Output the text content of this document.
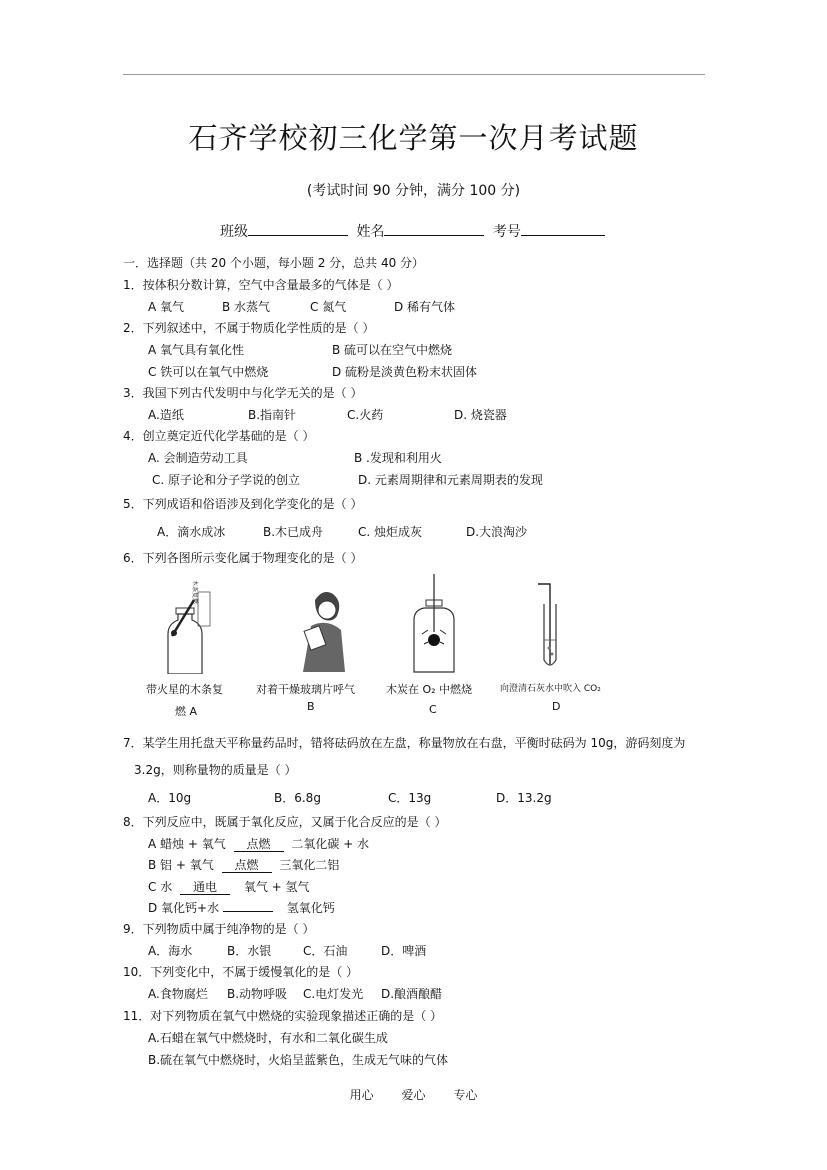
石齐学校初三化学第一次月考试题
(考试时间 90 分钟，满分 100 分)
班级	姓名	考号
一．选择题（共 20 个小题，每小题 2 分，总共 40 分）
1．按体积分数计算，空气中含量最多的气体是（ ）
A 氧气	B 水蒸气	C 氮气	D 稀有气体
2．下列叙述中，不属于物质化学性质的是（ ）
A 氧气具有氧化性	B 硫可以在空气中燃烧
C 铁可以在氧气中燃烧	D 硫粉是淡黄色粉末状固体
3．我国下列古代发明中与化学无关的是（ ）
A.造纸	B.指南针	C.火药	D. 烧瓷器
4．创立奠定近代化学基础的是（ ）
A. 会制造劳动工具	B .发现和利用火
C. 原子论和分子学说的创立	D. 元素周期律和元素周期表的发现
5．下列成语和俗语涉及到化学变化的是（ ）
A．滴水成冰	B.木已成舟	C. 烛炬成灰	D.大浪淘沙
6．下列各图所示变化属于物理变化的是（ ）
木条复燃
带火星的木条复
燃 A
对着干燥玻璃片呼气
B
木炭在 O₂ 中燃烧
C
向澄清石灰水中吹入 CO₂
D
7．某学生用托盘天平称量药品时，错将砝码放在左盘，称量物放在右盘，平衡时砝码为 10g，游码刻度为
3.2g，则称量物的质量是（ ）
A．10g	B．6.8g	C．13g	D．13.2g
8．下列反应中，既属于氧化反应，又属于化合反应的是（ ）
A 蜡烛 + 氧气 点燃 二氧化碳 + 水
B 铝 + 氧气 点燃 三氧化二铝
C 水 通电 氧气 + 氢气
D 氧化钙+水	氢氧化钙
9．下列物质中属于纯净物的是（ ）
A．海水	B．水银	C．石油	D．啤酒
10．下列变化中，不属于缓慢氧化的是（ ）
A.食物腐烂 B.动物呼吸 C.电灯发光 D.酿酒酿醋
11．对下列物质在氧气中燃烧的实验现象描述正确的是（ ）
A.石蜡在氧气中燃烧时，有水和二氧化碳生成
B.硫在氧气中燃烧时，火焰呈蓝紫色，生成无气味的气体
用心 爱心 专心
